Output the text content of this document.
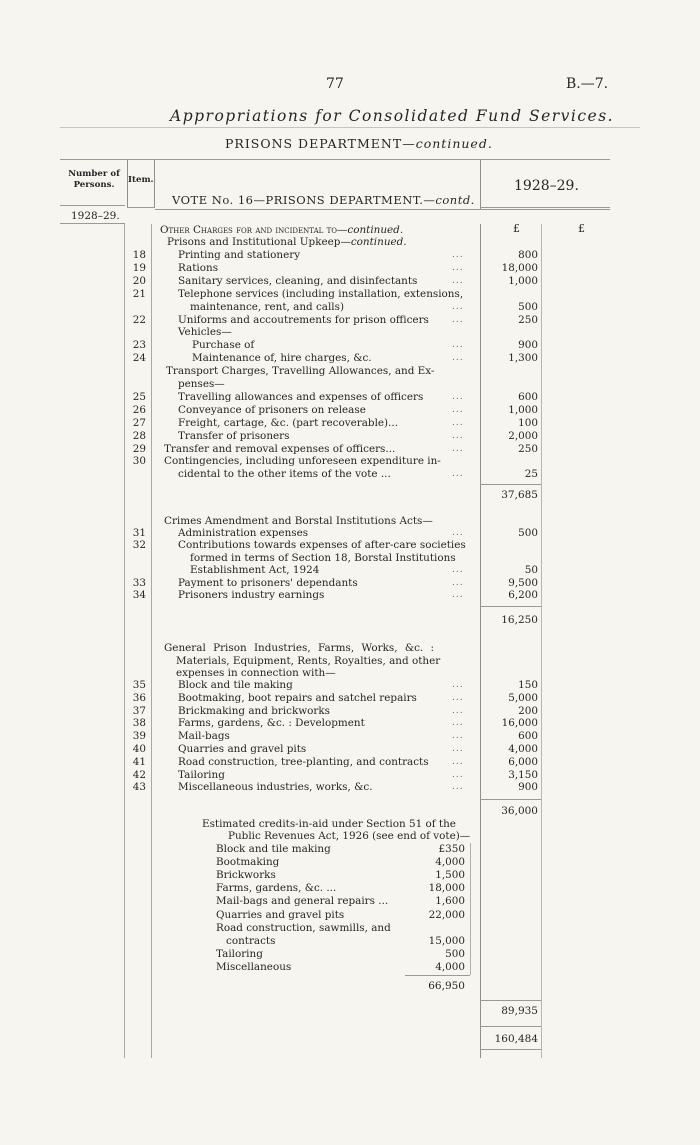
77	B.—7.
Appropriations for Consolidated Fund Services.
PRISONS DEPARTMENT—continued.
Number of Persons.	Item.
VOTE No. 16—PRISONS DEPARTMENT.—contd.
1928–29.
1928–29.
£	£
Other Charges for and incidental to—continued.
Prisons and Institutional Upkeep—continued.
18	Printing and stationery	...	800
19	Rations	...	18,000
20	Sanitary services, cleaning, and disinfectants	...	1,000
21	Telephone services (including installation, extensions,
maintenance, rent, and calls)	...	500
22	Uniforms and accoutrements for prison officers	...	250
Vehicles—
23	Purchase of	...	900
24	Maintenance of, hire charges, &c.	...	1,300
Transport Charges, Travelling Allowances, and Ex-
penses—
25	Travelling allowances and expenses of officers	...	600
26	Conveyance of prisoners on release	...	1,000
27	Freight, cartage, &c. (part recoverable)...	...	100
28	Transfer of prisoners	...	2,000
29 Transfer and removal expenses of officers...	...	250
30 Contingencies, including unforeseen expenditure in-
cidental to the other items of the vote ...	...	25
37,685
Crimes Amendment and Borstal Institutions Acts—
31	Administration expenses	...	500
32	Contributions towards expenses of after-care societies
formed in terms of Section 18, Borstal Institutions
Establishment Act, 1924	...	50
33	Payment to prisoners' dependants	...	9,500
34	Prisoners industry earnings	...	6,200
16,250
General Prison Industries, Farms, Works, &c. :
Materials, Equipment, Rents, Royalties, and other
expenses in connection with—
35	Block and tile making	...	150
36	Bootmaking, boot repairs and satchel repairs	...	5,000
37	Brickmaking and brickworks	...	200
38	Farms, gardens, &c. : Development	...	16,000
39	Mail-bags	...	600
40	Quarries and gravel pits	...	4,000
41	Road construction, tree-planting, and contracts	...	6,000
42	Tailoring	...	3,150
43	Miscellaneous industries, works, &c.	...	900
36,000
Estimated credits-in-aid under Section 51 of the
Public Revenues Act, 1926 (see end of vote)—
Block and tile making	£350
Bootmaking	4,000
Brickworks	1,500
Farms, gardens, &c. ...	18,000
Mail-bags and general repairs ...	1,600
Quarries and gravel pits	22,000
Road construction, sawmills, and
contracts	15,000
Tailoring	500
Miscellaneous	4,000
66,950
89,935
160,484
